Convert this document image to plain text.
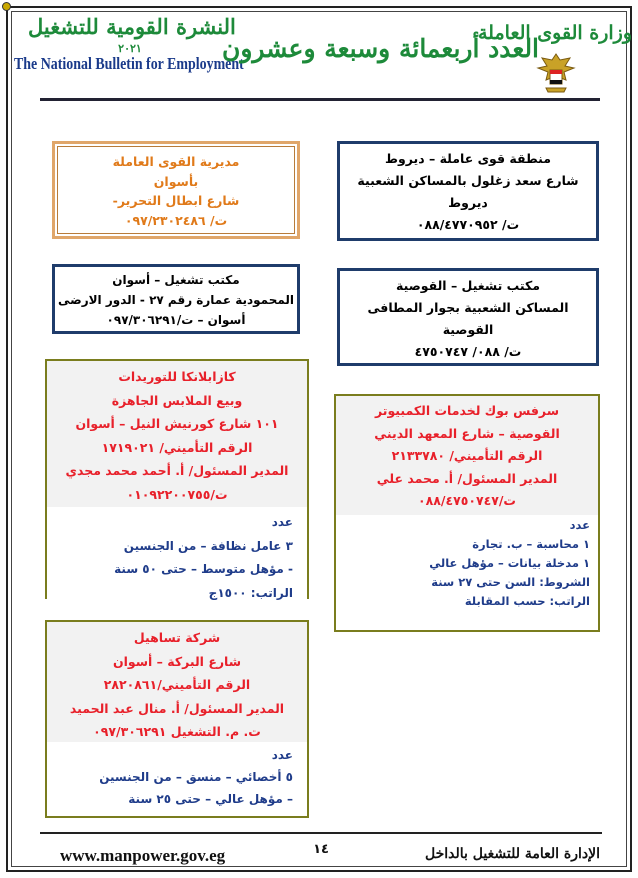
النشرة القومية للتشغيل
٢٠٢١
The National Bulletin for Employment
العدد أربعمائة وسبعة وعشرون
وزارة القوى العاملة
منطقة قوى عاملة – ديروط
شارع سعد زغلول بالمساكن الشعبية
ديروط
ت/ ٠٨٨/٤٧٧٠٩٥٢
مديرية القوى العاملة
بأسوان
شارع ابطال التحرير-
ت/ ٠٩٧/٢٣٠٢٤٨٦
مكتب تشغيل – أسوان
المحمودية عمارة رقم ٢٧ - الدور الارضى
أسوان – ت/٠٩٧/٣٠٦٢٩١
مكتب تشغيل – القوصية
المساكن الشعبية بجوار المطافى
القوصية
ت/ ٠٨٨/ ٤٧٥٠٧٤٧
كازابلانكا للتوريدات
وبيع الملابس الجاهزة
١٠١ شارع كورنيش النيل – أسوان
الرقم التأميني/ ١٧١٩٠٢١
المدير المسئول/ أ. أحمد محمد مجدي
ت/٠١٠٩٢٢٠٠٧٥٥
عدد
٣ عامل نظافة – من الجنسين
- مؤهل متوسط – حتى ٥٠ سنة
الراتب: ١٥٠٠ج
سرفس بوك لخدمات الكمبيوتر
القوصية – شارع المعهد الديني
الرقم التأميني/ ٢١٣٣٧٨٠
المدير المسئول/ أ. محمد علي
ت/٠٨٨/٤٧٥٠٧٤٧
عدد
١ محاسبة – ب. تجارة
١ مدخلة بيانات – مؤهل عالي
الشروط: السن حتى ٢٧ سنة
الراتب: حسب المقابلة
شركة تساهيل
شارع البركة – أسوان
الرقم التأميني/٢٨٢٠٨٦١
المدير المسئول/ أ. منال عبد الحميد
ت. م. التشغيل ٠٩٧/٣٠٦٢٩١
عدد
٥ أخصائي – منسق – من الجنسين
– مؤهل عالي – حتى ٢٥ سنة
www.manpower.gov.eg	١٤	الإدارة العامة للتشغيل بالداخل
